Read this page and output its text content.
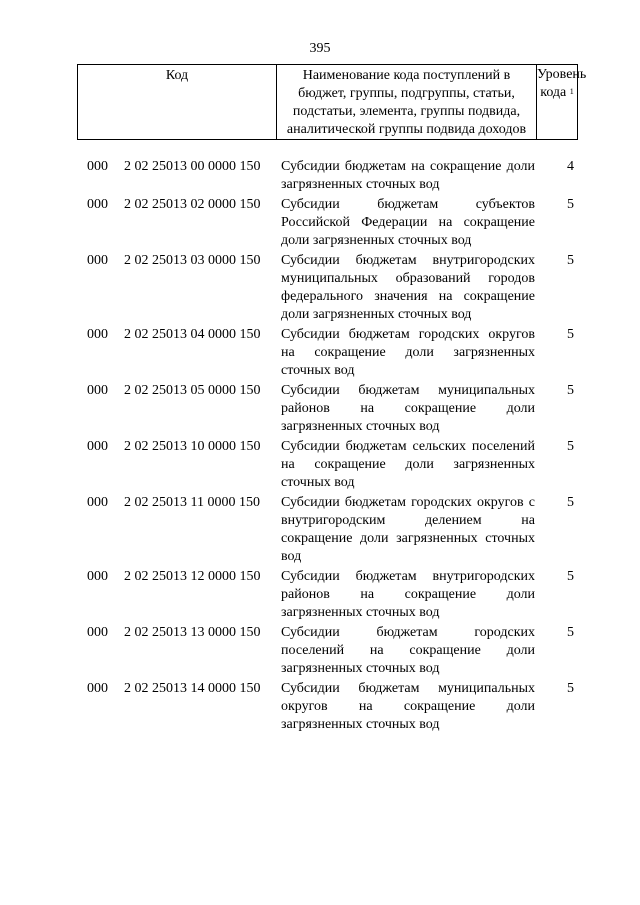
395
Код	Наименование кода поступлений в бюджет, группы, подгруппы, статьи, подстатьи, элемента, группы подвида, аналитической группы подвида доходов
Уровень кода $^1$
000 2 02 25013 00 0000 150 Субсидии бюджетам на сокращение доли загрязненных сточных вод
4
000 2 02 25013 02 0000 150 Субсидии бюджетам субъектов Российской Федерации на сокращение доли загрязненных сточных вод
5
000 2 02 25013 03 0000 150 Субсидии бюджетам внутригородских муниципальных образований городов федерального значения на сокращение доли загрязненных сточных вод
5
000 2 02 25013 04 0000 150 Субсидии бюджетам городских округов на сокращение доли загрязненных сточных вод
5
000 2 02 25013 05 0000 150 Субсидии бюджетам муниципальных районов на сокращение доли загрязненных сточных вод
5
000 2 02 25013 10 0000 150 Субсидии бюджетам сельских поселений на сокращение доли загрязненных сточных вод
5
000 2 02 25013 11 0000 150 Субсидии бюджетам городских округов с внутригородским делением на сокращение доли загрязненных сточных вод
5
000 2 02 25013 12 0000 150 Субсидии бюджетам внутригородских районов на сокращение доли загрязненных сточных вод
5
000 2 02 25013 13 0000 150 Субсидии бюджетам городских поселений на сокращение доли загрязненных сточных вод
5
000 2 02 25013 14 0000 150 Субсидии бюджетам муниципальных округов на сокращение доли загрязненных сточных вод
5
